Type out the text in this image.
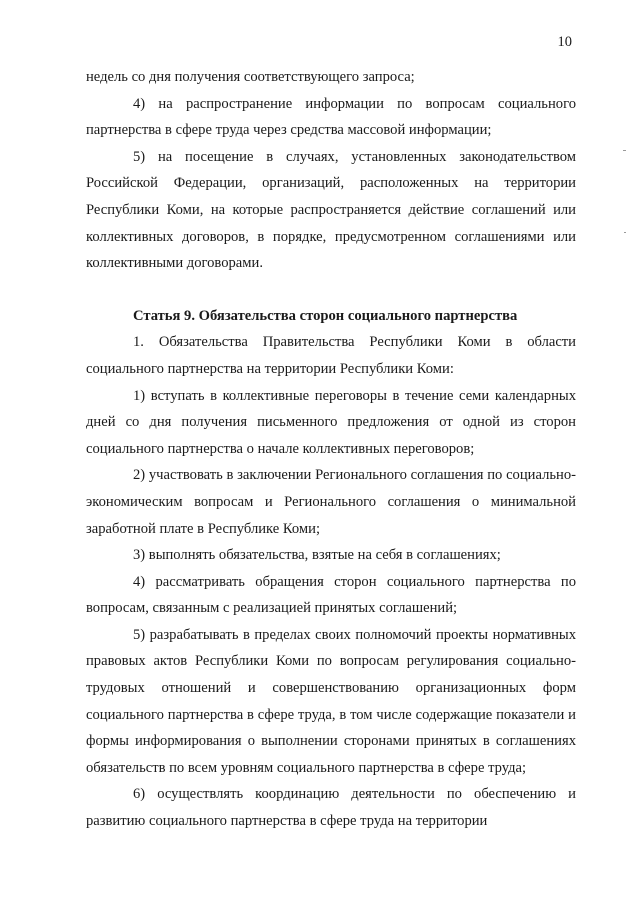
10

недель со дня получения соответствующего запроса;

4) на распространение информации по вопросам социального партнерства в сфере труда через средства массовой информации;

5) на посещение в случаях, установленных законодательством Российской Федерации, организаций, расположенных на территории Республики Коми, на которые распространяется действие соглашений или коллективных договоров, в порядке, предусмотренном соглашениями или коллективными договорами.

Статья 9. Обязательства сторон социального партнерства

1. Обязательства Правительства Республики Коми в области социального партнерства на территории Республики Коми:

1) вступать в коллективные переговоры в течение семи календарных дней со дня получения письменного предложения от одной из сторон социального партнерства о начале коллективных переговоров;

2) участвовать в заключении Регионального соглашения по социально-экономическим вопросам и Регионального соглашения о минимальной заработной плате в Республике Коми;

3) выполнять обязательства, взятые на себя в соглашениях;

4) рассматривать обращения сторон социального партнерства по вопросам, связанным с реализацией принятых соглашений;

5) разрабатывать в пределах своих полномочий проекты нормативных правовых актов Республики Коми по вопросам регулирования социально-трудовых отношений и совершенствованию организационных форм социального партнерства в сфере труда, в том числе содержащие показатели и формы информирования о выполнении сторонами принятых в соглашениях обязательств по всем уровням социального партнерства в сфере труда;

6) осуществлять координацию деятельности по обеспечению и развитию социального партнерства в сфере труда на территории
